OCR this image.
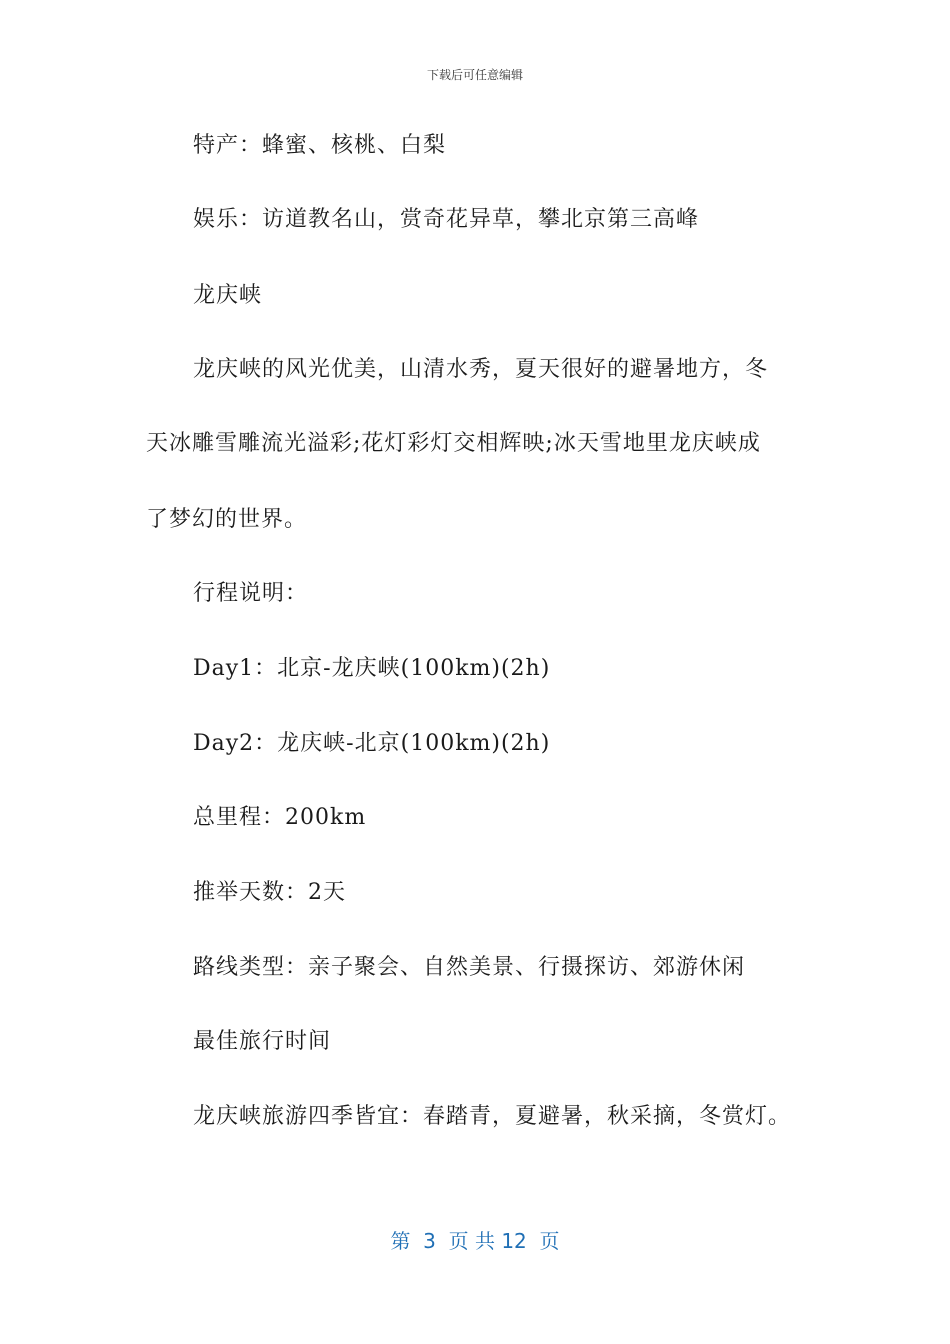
下载后可任意编辑
特产：蜂蜜、核桃、白梨
娱乐：访道教名山，赏奇花异草，攀北京第三高峰
龙庆峡
龙庆峡的风光优美，山清水秀，夏天很好的避暑地方，冬
天冰雕雪雕流光溢彩;花灯彩灯交相辉映;冰天雪地里龙庆峡成
了梦幻的世界。
行程说明：
Day1：北京-龙庆峡(100km)(2h)
Day2：龙庆峡-北京(100km)(2h)
总里程：200km
推举天数：2天
路线类型：亲子聚会、自然美景、行摄探访、郊游休闲
最佳旅行时间
龙庆峡旅游四季皆宜：春踏青，夏避暑，秋采摘，冬赏灯。
第  3  页 共 12  页
